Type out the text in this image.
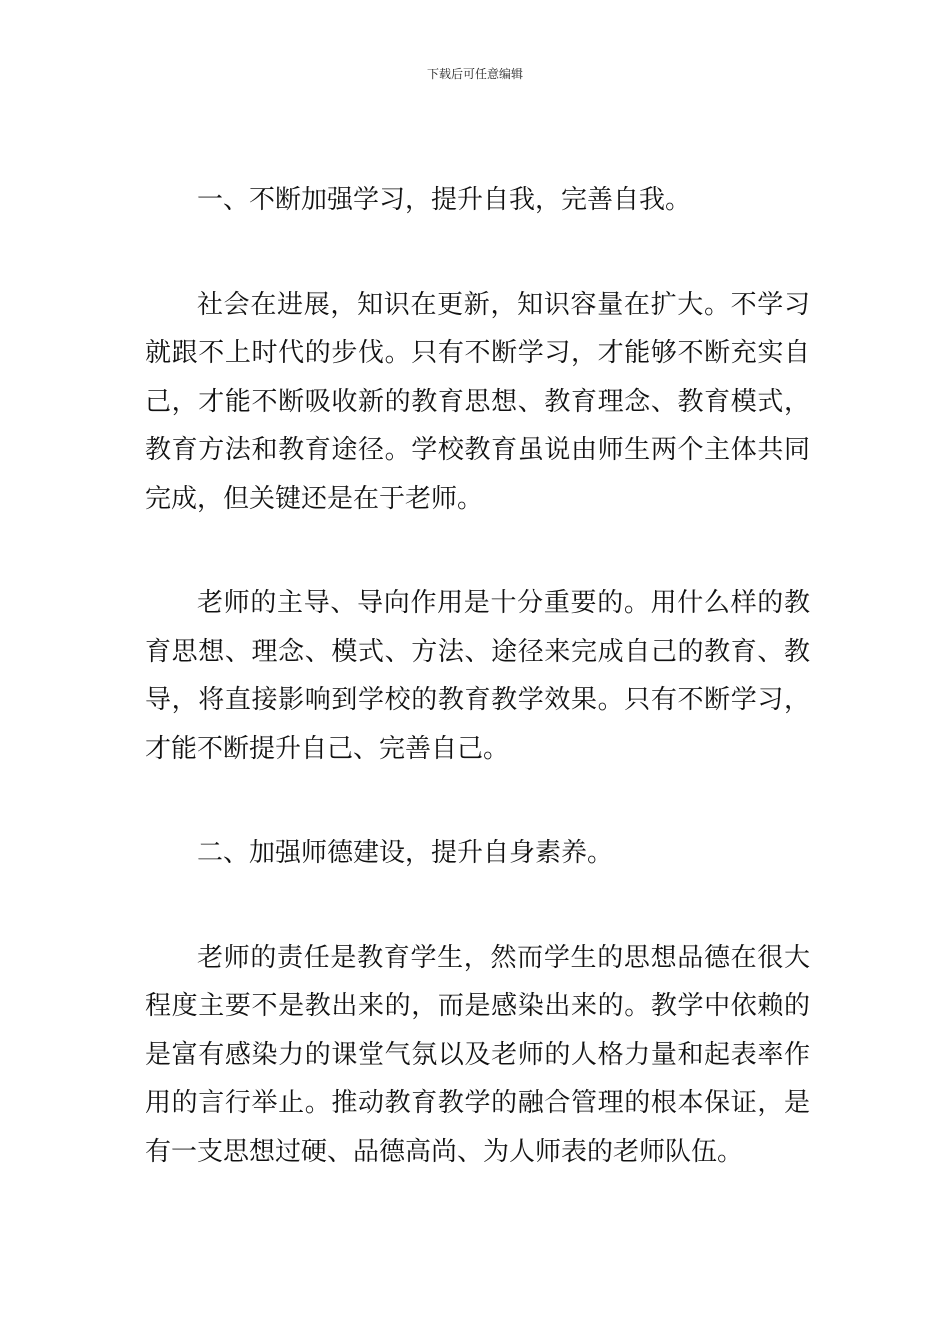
下载后可任意编辑

一、不断加强学习，提升自我，完善自我。

社会在进展，知识在更新，知识容量在扩大。不学习就跟不上时代的步伐。只有不断学习，才能够不断充实自己，才能不断吸收新的教育思想、教育理念、教育模式，教育方法和教育途径。学校教育虽说由师生两个主体共同完成，但关键还是在于老师。

老师的主导、导向作用是十分重要的。用什么样的教育思想、理念、模式、方法、途径来完成自己的教育、教导，将直接影响到学校的教育教学效果。只有不断学习，才能不断提升自己、完善自己。

二、加强师德建设，提升自身素养。

老师的责任是教育学生，然而学生的思想品德在很大程度主要不是教出来的，而是感染出来的。教学中依赖的是富有感染力的课堂气氛以及老师的人格力量和起表率作用的言行举止。推动教育教学的融合管理的根本保证，是有一支思想过硬、品德高尚、为人师表的老师队伍。
